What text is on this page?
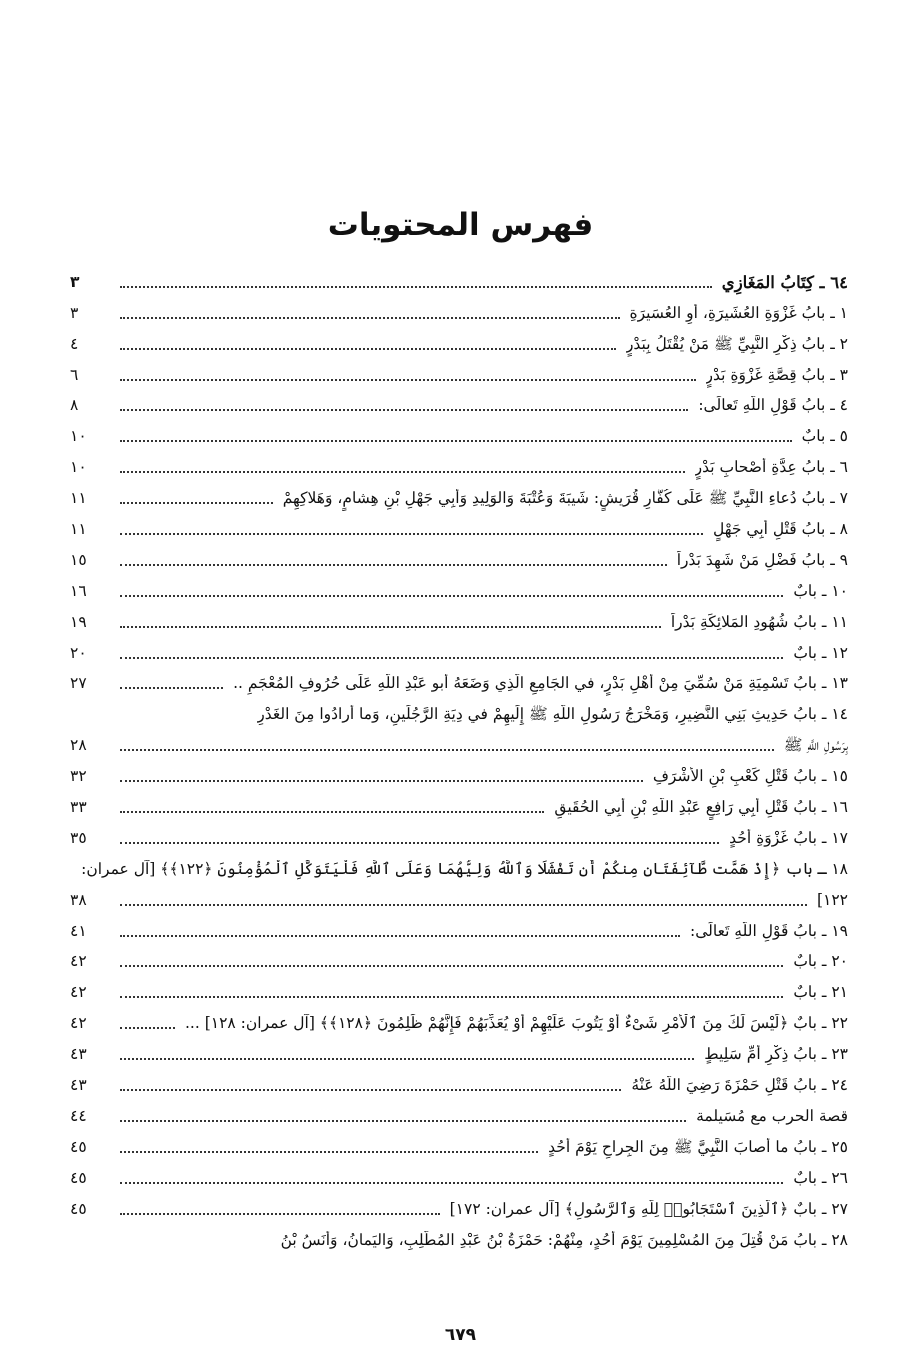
فهرس المحتويات
٦٤ ـ كِتَابُ المَغَازِي
٣
١ ـ بابُ غَزْوَةِ العُشَيرَةِ، أَوِ العُسَيرَةِ
٣
٢ ـ بابُ ذِكْرِ النَّبِيِّ ﷺ مَنْ يُقْتَلُ بِبَدْرٍ
٤
٣ ـ بابُ قِصَّةِ غَزْوَةِ بَدْرٍ
٦
٤ ـ بابُ قَوْلِ اللَّهِ تَعالَى:
٨
٥ ـ بابٌ
١٠
٦ ـ بابُ عِدَّةِ أَصْحابِ بَدْرٍ
١٠
٧ ـ بابُ دُعاءِ النَّبِيِّ ﷺ عَلَى كُفَّارِ قُرَيشٍ: شَيبَةَ وَعُتْبَةَ وَالوَلِيدِ وَأَبِي جَهْلِ بْنِ هِشامٍ، وَهَلاكِهِمْ
١١
٨ ـ بابُ قَتْلِ أَبِي جَهْلٍ
١١
٩ ـ بابُ فَضْلِ مَنْ شَهِدَ بَدْراً
١٥
١٠ ـ بابٌ
١٦
١١ ـ بابُ شُهُودِ المَلائِكَةِ بَدْراً
١٩
١٢ ـ بابٌ
٢٠
١٣ ـ بابُ تَسْمِيَةِ مَنْ سُمِّيَ مِنْ أَهْلِ بَدْرٍ، في الجَامِعِ الَّذِي وَضَعَهُ أَبو عَبْدِ اللَّهِ عَلَى حُرُوفِ المُعْجَمِ ..
٢٧
١٤ ـ بابُ حَدِيثِ بَنِي النَّضِيرِ، وَمَخْرَجُ رَسُولِ اللَّهِ ﷺ إِلَيهِمْ في دِيَةِ الرَّجُلَينِ، وَما أَرادُوا مِنَ الغَدْرِ
بِرَسُولِ اللَّهِ ﷺ
٢٨
١٥ ـ بابُ قَتْلِ كَعْبِ بْنِ الأَشْرَفِ
٣٢
١٦ ـ بابُ قَتْلِ أَبِي رَافِعٍ عَبْدِ اللَّهِ بْنِ أَبِي الحُقَيقِ
٣٣
١٧ ـ بابُ غَزْوَةِ أُحُدٍ
٣٥
١٨ ـ باب ﴿إِذْ هَمَّت طَّآئِفَتَانِ مِنكُمْ أَن تَفْشَلَا وَٱللَّهُ وَلِيُّهُمَا وَعَلَى ٱللَّهِ فَلْيَتَوَكَّلِ ٱلْمُؤْمِنُونَ ﴿١٢٢﴾﴾ [آل عمران:
١٢٢]
٣٨
١٩ ـ بابُ قَوْلِ اللَّهِ تَعالَى:
٤١
٢٠ ـ بابٌ
٤٢
٢١ ـ بابٌ
٤٢
٢٢ ـ بابٌ ﴿لَيْسَ لَكَ مِنَ ٱلْأَمْرِ شَىْءٌ أَوْ يَتُوبَ عَلَيْهِمْ أَوْ يُعَذِّبَهُمْ فَإِنَّهُمْ ظَٰلِمُونَ ﴿١٢٨﴾﴾ [آل عمران: ١٢٨] ...
٤٢
٢٣ ـ بابُ ذِكْرِ أُمِّ سَلِيطٍ
٤٣
٢٤ ـ بابُ قَتْلِ حَمْزَةَ رَضِيَ اللَّهُ عَنْهُ
٤٣
قصة الحرب مع مُسَيلمة
٤٤
٢٥ ـ بابُ ما أَصابَ النَّبِيَّ ﷺ مِنَ الجِراحِ يَوْمَ أُحُدٍ
٤٥
٢٦ ـ بابٌ
٤٥
٢٧ ـ بابٌ ﴿ٱلَّذِينَ ٱسْتَجَابُوا۟ لِلَّهِ وَٱلرَّسُولِ﴾ [آل عمران: ١٧٢]
٤٥
٢٨ ـ بابُ مَنْ قُتِلَ مِنَ المُسْلِمِينَ يَوْمَ أُحُدٍ، مِنْهُمْ: حَمْزَةُ بْنُ عَبْدِ المُطَّلِبِ، وَاليَمانُ، وَأَنَسُ بْنُ
٦٧٩
